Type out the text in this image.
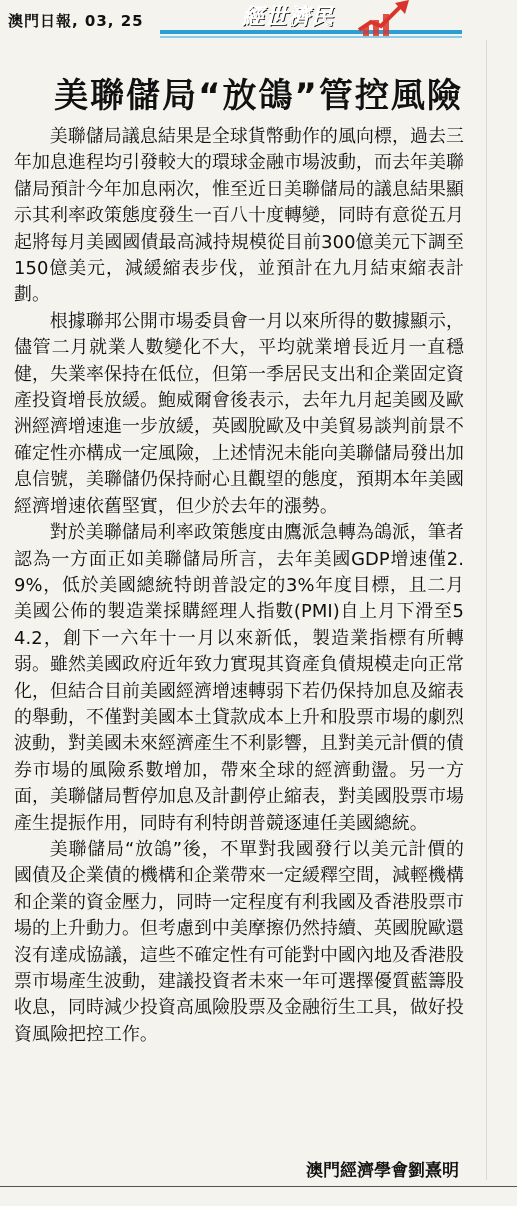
澳門日報, 03, 25	經世濟民
美聯儲局“放鴿”管控風險

美聯儲局議息結果是全球貨幣動作的風向標，過去三年加息進程均引發較大的環球金融市場波動，而去年美聯儲局預計今年加息兩次，惟至近日美聯儲局的議息結果顯示其利率政策態度發生一百八十度轉變，同時有意從五月起將每月美國國債最高減持規模從目前300億美元下調至150億美元，減緩縮表步伐，並預計在九月結束縮表計劃。

根據聯邦公開市場委員會一月以來所得的數據顯示，儘管二月就業人數變化不大，平均就業增長近月一直穩健，失業率保持在低位，但第一季居民支出和企業固定資產投資增長放緩。鮑威爾會後表示，去年九月起美國及歐洲經濟增速進一步放緩，英國脫歐及中美貿易談判前景不確定性亦構成一定風險，上述情況未能向美聯儲局發出加息信號，美聯儲仍保持耐心且觀望的態度，預期本年美國經濟增速依舊堅實，但少於去年的漲勢。

對於美聯儲局利率政策態度由鷹派急轉為鴿派，筆者認為一方面正如美聯儲局所言，去年美國GDP增速僅2.9%，低於美國總統特朗普設定的3%年度目標，且二月美國公佈的製造業採購經理人指數(PMI)自上月下滑至54.2，創下一六年十一月以來新低，製造業指標有所轉弱。雖然美國政府近年致力實現其資產負債規模走向正常化，但結合目前美國經濟增速轉弱下若仍保持加息及縮表的舉動，不僅對美國本土貸款成本上升和股票市場的劇烈波動，對美國未來經濟產生不利影響，且對美元計價的債券市場的風險系數增加，帶來全球的經濟動盪。另一方面，美聯儲局暫停加息及計劃停止縮表，對美國股票市場產生提振作用，同時有利特朗普競逐連任美國總統。

美聯儲局“放鴿”後，不單對我國發行以美元計價的國債及企業債的機構和企業帶來一定緩釋空間，減輕機構和企業的資金壓力，同時一定程度有利我國及香港股票市場的上升動力。但考慮到中美摩擦仍然持續、英國脫歐還沒有達成協議，這些不確定性有可能對中國內地及香港股票市場產生波動，建議投資者未來一年可選擇優質藍籌股收息，同時減少投資高風險股票及金融衍生工具，做好投資風險把控工作。

澳門經濟學會劉熹明
